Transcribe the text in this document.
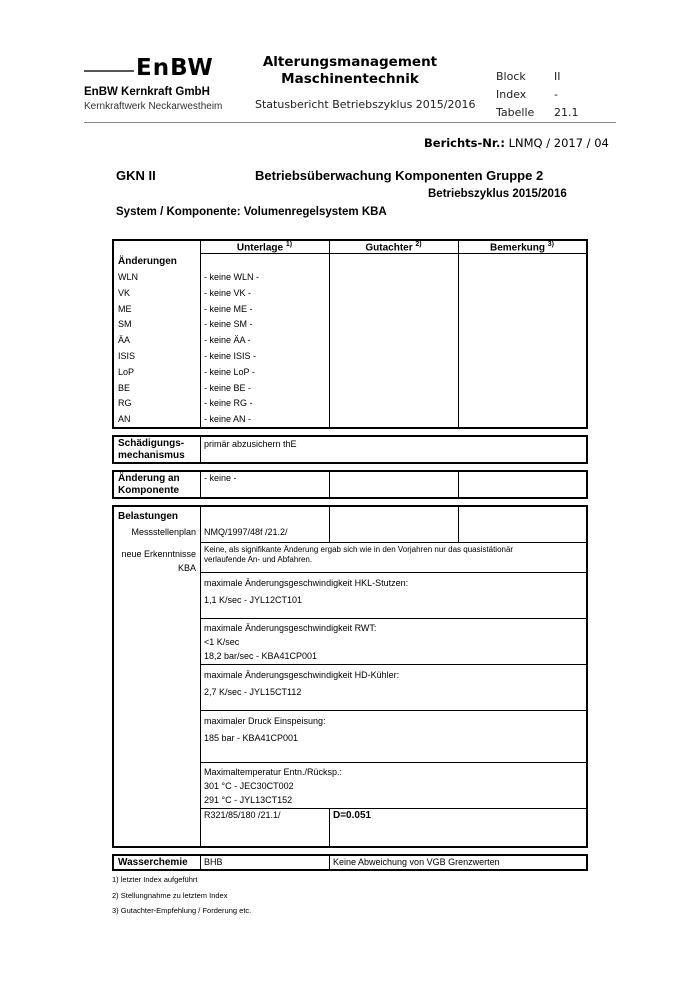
EnBW
EnBW Kernkraft GmbH
Kernkraftwerk Neckarwestheim
Alterungsmanagement
Maschinentechnik
Statusbericht Betriebszyklus 2015/2016
Block	II
Index	-
Tabelle 21.1
Berichts-Nr.: LNMQ / 2017 / 04
GKN II	Betriebsüberwachung Komponenten Gruppe 2
Betriebszyklus 2015/2016
System / Komponente: Volumenregelsystem KBA
Unterlage $^{1)}$	Gutachter $^{2)}$	Bemerkung $^{3)}$
Änderungen
WLN	- keine WLN -
VK	- keine VK -
ME	- keine ME -
SM	- keine SM -
ÄA	- keine ÄA -
ISIS	- keine ISIS -
LoP	- keine LoP -
BE	- keine BE -
RG	- keine RG -
AN	- keine AN -
Schädigungs-
mechanismus
primär abzusichern thE
Änderung an
Komponente
- keine -
Belastungen
Messstellenplan NMQ/1997/48f /21.2/
neue Erkenntnisse
KBA
Keine, als signifikante Änderung ergab sich wie in den Vorjahren nur das quasistätionär
verlaufende An- und Abfahren.
maximale Änderungsgeschwindigkeit HKL-Stutzen:
1,1 K/sec - JYL12CT101
maximale Änderungsgeschwindigkeit RWT:
<1 K/sec
18,2 bar/sec - KBA41CP001
maximale Änderungsgeschwindigkeit HD-Kühler:
2,7 K/sec - JYL15CT112
maximaler Druck Einspeisung:
185 bar - KBA41CP001
Maximaltemperatur Entn./Rücksp.:
301 °C - JEC30CT002
291 °C - JYL13CT152
R321/85/180 /21.1/	D=0.051
Wasserchemie BHB	Keine Abweichung von VGB Grenzwerten
1) letzter Index aufgeführt
2) Stellungnahme zu letztem Index
3) Gutachter-Empfehlung / Forderung etc.
